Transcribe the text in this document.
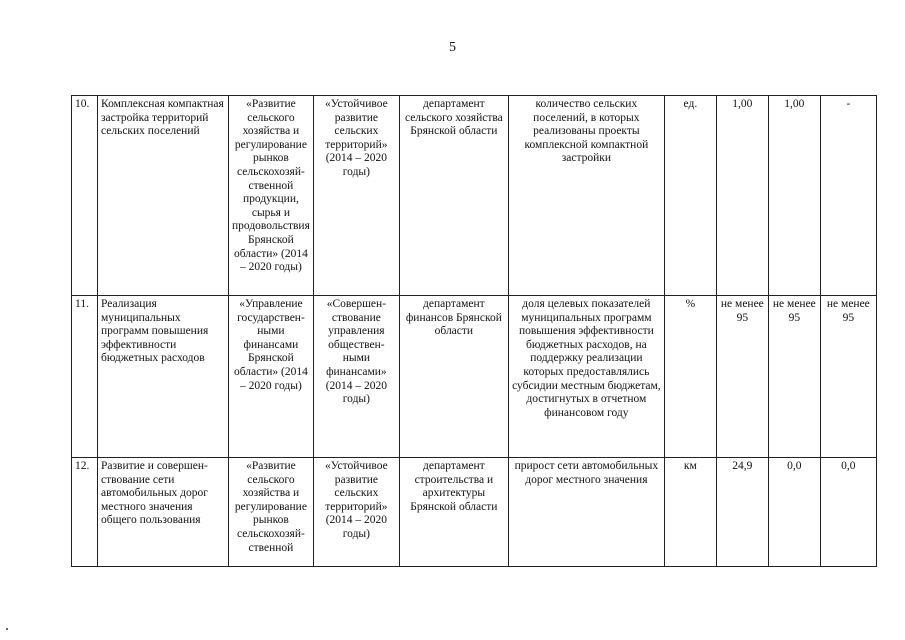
5
10.	Комплексная компактная застройка территорий сельских поселений	«Развитие сельского хозяйства и регулирование рынков сельскохозяй-ственной продукции, сырья и продовольствия Брянской области» (2014 – 2020 годы)	«Устойчивое развитие сельских территорий» (2014 – 2020 годы)	департамент сельского хозяйства Брянской области	количество сельских поселений, в которых реализованы проекты комплексной компактной застройки	ед.	1,00	1,00	-
11.	Реализация муниципальных программ повышения эффективности бюджетных расходов	«Управление государствен-ными финансами Брянской области» (2014 – 2020 годы)	«Совершен-ствование управления обществен-ными финансами» (2014 – 2020 годы)	департамент финансов Брянской области	доля целевых показателей муниципальных программ повышения эффективности бюджетных расходов, на поддержку реализации которых предоставлялись субсидии местным бюджетам, достигнутых в отчетном финансовом году	%	не менее 95	не менее 95	не менее 95
12.	Развитие и совершен-ствование сети автомобильных дорог местного значения общего пользования	«Развитие сельского хозяйства и регулирование рынков сельскохозяй-ственной	«Устойчивое развитие сельских территорий» (2014 – 2020 годы)	департамент строительства и архитектуры Брянской области	прирост сети автомобильных дорог местного значения	км	24,9	0,0	0,0
